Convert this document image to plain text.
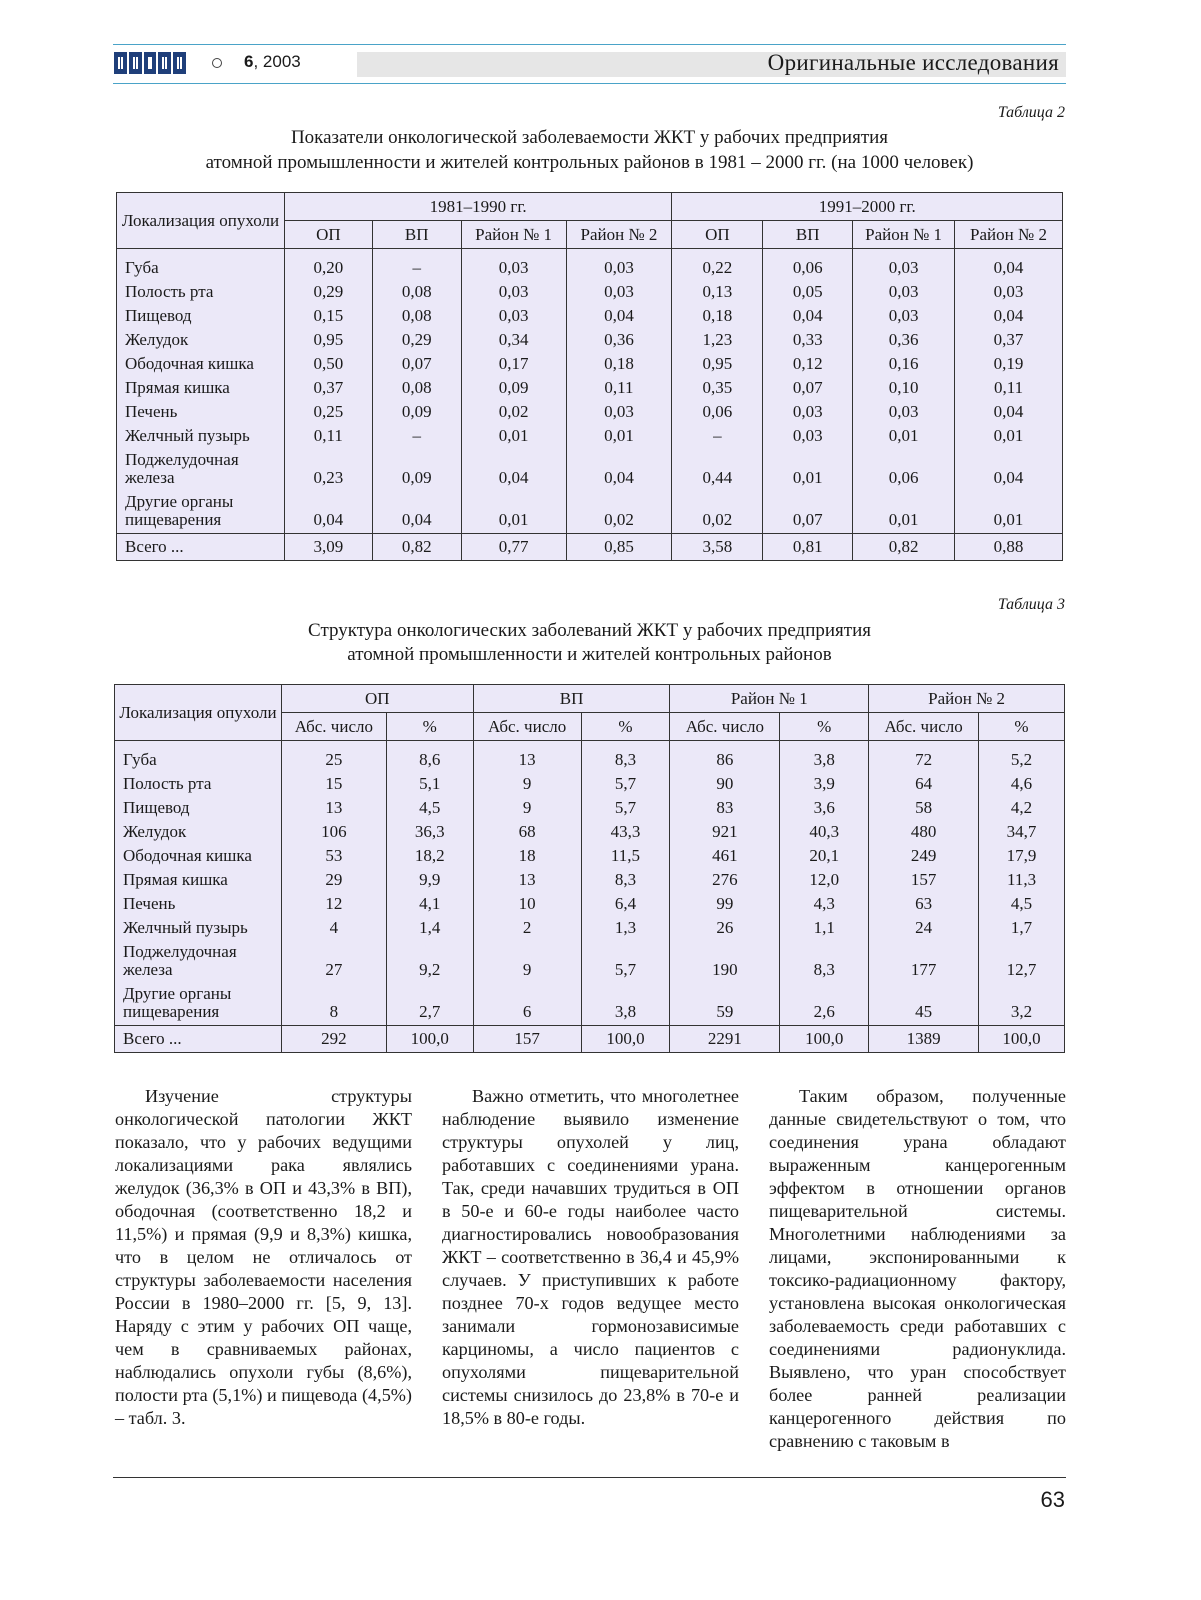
6, 2003	Оригинальные исследования
Таблица 2
Показатели онкологической заболеваемости ЖКТ у рабочих предприятия
атомной промышленности и жителей контрольных районов в 1981 – 2000 гг. (на 1000 человек)
Локализация опухоли	1981–1990 гг.				1991–2000 гг.			
	ОП	ВП	Район № 1	Район № 2	ОП	ВП	Район № 1	Район № 2
Губа	0,20	–	0,03	0,03	0,22	0,06	0,03	0,04
Полость рта	0,29	0,08	0,03	0,03	0,13	0,05	0,03	0,03
Пищевод	0,15	0,08	0,03	0,04	0,18	0,04	0,03	0,04
Желудок	0,95	0,29	0,34	0,36	1,23	0,33	0,36	0,37
Ободочная кишка	0,50	0,07	0,17	0,18	0,95	0,12	0,16	0,19
Прямая кишка	0,37	0,08	0,09	0,11	0,35	0,07	0,10	0,11
Печень	0,25	0,09	0,02	0,03	0,06	0,03	0,03	0,04
Желчный пузырь	0,11	–	0,01	0,01	–	0,03	0,01	0,01
Поджелудочная железа	0,23	0,09	0,04	0,04	0,44	0,01	0,06	0,04
Другие органы пищеварения	0,04	0,04	0,01	0,02	0,02	0,07	0,01	0,01
Всего ...	3,09	0,82	0,77	0,85	3,58	0,81	0,82	0,88
Таблица 3
Структура онкологических заболеваний ЖКТ у рабочих предприятия
атомной промышленности и жителей контрольных районов
Локализация опухоли	ОП		ВП		Район № 1		Район № 2	
	Абс. число	%	Абс. число	%	Абс. число	%	Абс. число	%
Губа	25	8,6	13	8,3	86	3,8	72	5,2
Полость рта	15	5,1	9	5,7	90	3,9	64	4,6
Пищевод	13	4,5	9	5,7	83	3,6	58	4,2
Желудок	106	36,3	68	43,3	921	40,3	480	34,7
Ободочная кишка	53	18,2	18	11,5	461	20,1	249	17,9
Прямая кишка	29	9,9	13	8,3	276	12,0	157	11,3
Печень	12	4,1	10	6,4	99	4,3	63	4,5
Желчный пузырь	4	1,4	2	1,3	26	1,1	24	1,7
Поджелудочная железа	27	9,2	9	5,7	190	8,3	177	12,7
Другие органы пищеварения	8	2,7	6	3,8	59	2,6	45	3,2
Всего ...	292	100,0	157	100,0	2291	100,0	1389	100,0

Изучение структуры онкологической патологии ЖКТ показало, что у рабочих ведущими локализациями рака являлись желудок (36,3% в ОП и 43,3% в ВП), ободочная (соответственно 18,2 и 11,5%) и прямая (9,9 и 8,3%) кишка, что в целом не отличалось от структуры заболеваемости населения России в 1980–2000 гг. [5, 9, 13]. Наряду с этим у рабочих ОП чаще, чем в сравниваемых районах, наблюдались опухоли губы (8,6%), полости рта (5,1%) и пищевода (4,5%) – табл. 3.

Важно отметить, что многолетнее наблюдение выявило изменение структуры опухолей у лиц, работавших с соединениями урана. Так, среди начавших трудиться в ОП в 50-е и 60-е годы наиболее часто диагностировались новообразования ЖКТ – соответственно в 36,4 и 45,9% случаев. У приступивших к работе позднее 70-х годов ведущее место занимали гормонозависимые карциномы, а число пациентов с опухолями пищеварительной системы снизилось до 23,8% в 70-е и 18,5% в 80-е годы.

Таким образом, полученные данные свидетельствуют о том, что соединения урана обладают выраженным канцерогенным эффектом в отношении органов пищеварительной системы. Многолетними наблюдениями за лицами, экспонированными к токсико-радиационному фактору, установлена высокая онкологическая заболеваемость среди работавших с соединениями радионуклида. Выявлено, что уран способствует более ранней реализации канцерогенного действия по сравнению с таковым в

63
